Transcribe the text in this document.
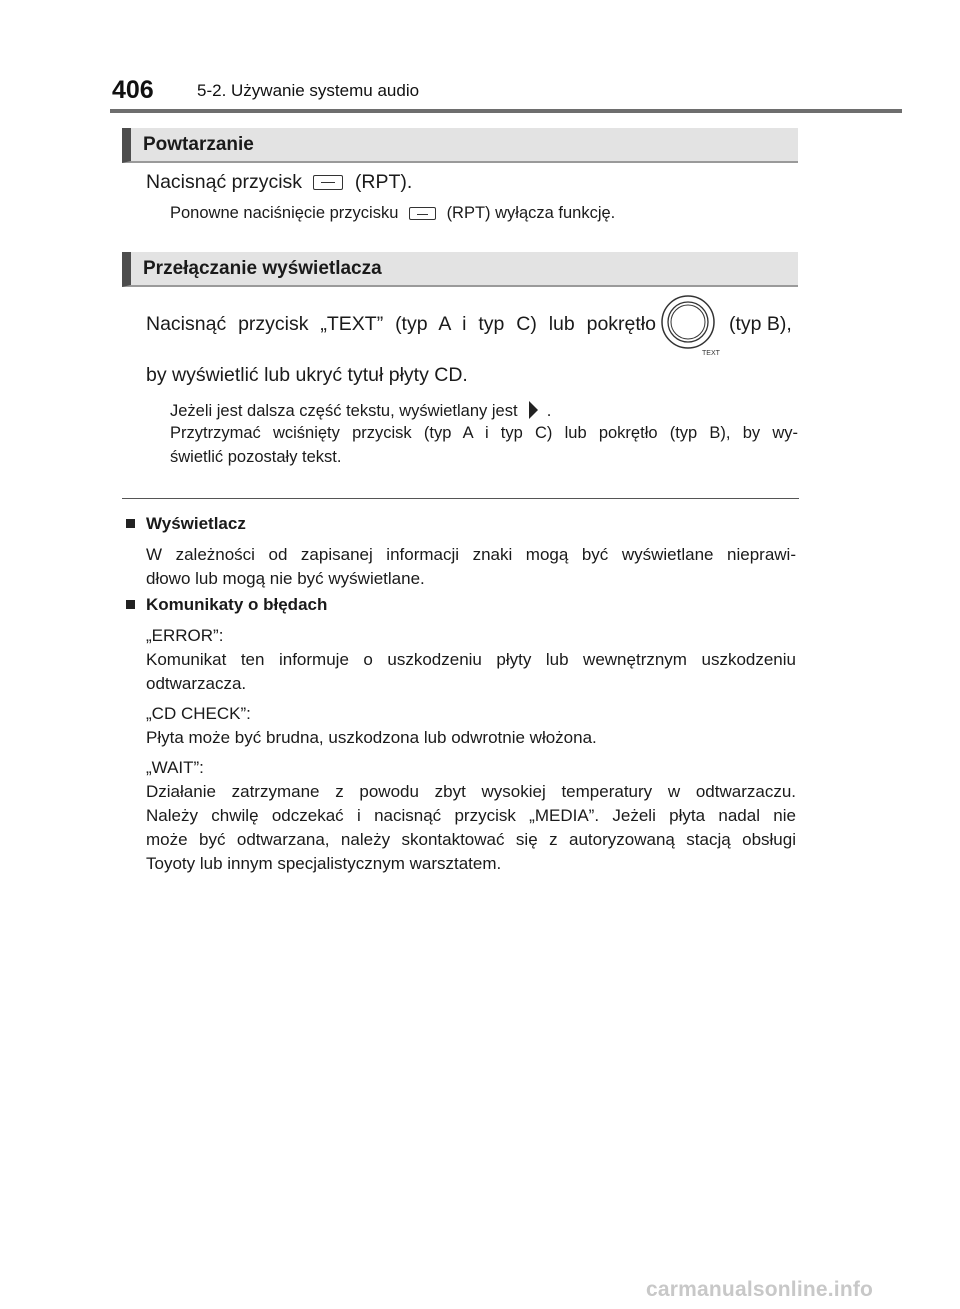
406	5-2. Używanie systemu audio
Powtarzanie
Nacisnąć przycisk	(RPT).
Ponowne naciśnięcie przycisku	(RPT) wyłącza funkcję.
Przełączanie wyświetlacza
Nacisnąć przycisk „TEXT” (typ A i typ C) lub pokrętło
TEXT
(typ B),
by wyświetlić lub ukryć tytuł płyty CD.
Jeżeli jest dalsza część tekstu, wyświetlany jest .
Przytrzymać wciśnięty przycisk (typ A i typ C) lub pokrętło (typ B), by wy-
świetlić pozostały tekst.
Wyświetlacz
W zależności od zapisanej informacji znaki mogą być wyświetlane nieprawi-
dłowo lub mogą nie być wyświetlane.
Komunikaty o błędach
„ERROR”:
Komunikat ten informuje o uszkodzeniu płyty lub wewnętrznym uszkodzeniu
odtwarzacza.
„CD CHECK”:
Płyta może być brudna, uszkodzona lub odwrotnie włożona.
„WAIT”:
Działanie zatrzymane z powodu zbyt wysokiej temperatury w odtwarzaczu.
Należy chwilę odczekać i nacisnąć przycisk „MEDIA”. Jeżeli płyta nadal nie
może być odtwarzana, należy skontaktować się z autoryzowaną stacją obsługi
Toyoty lub innym specjalistycznym warsztatem.
carmanualsonline.info
